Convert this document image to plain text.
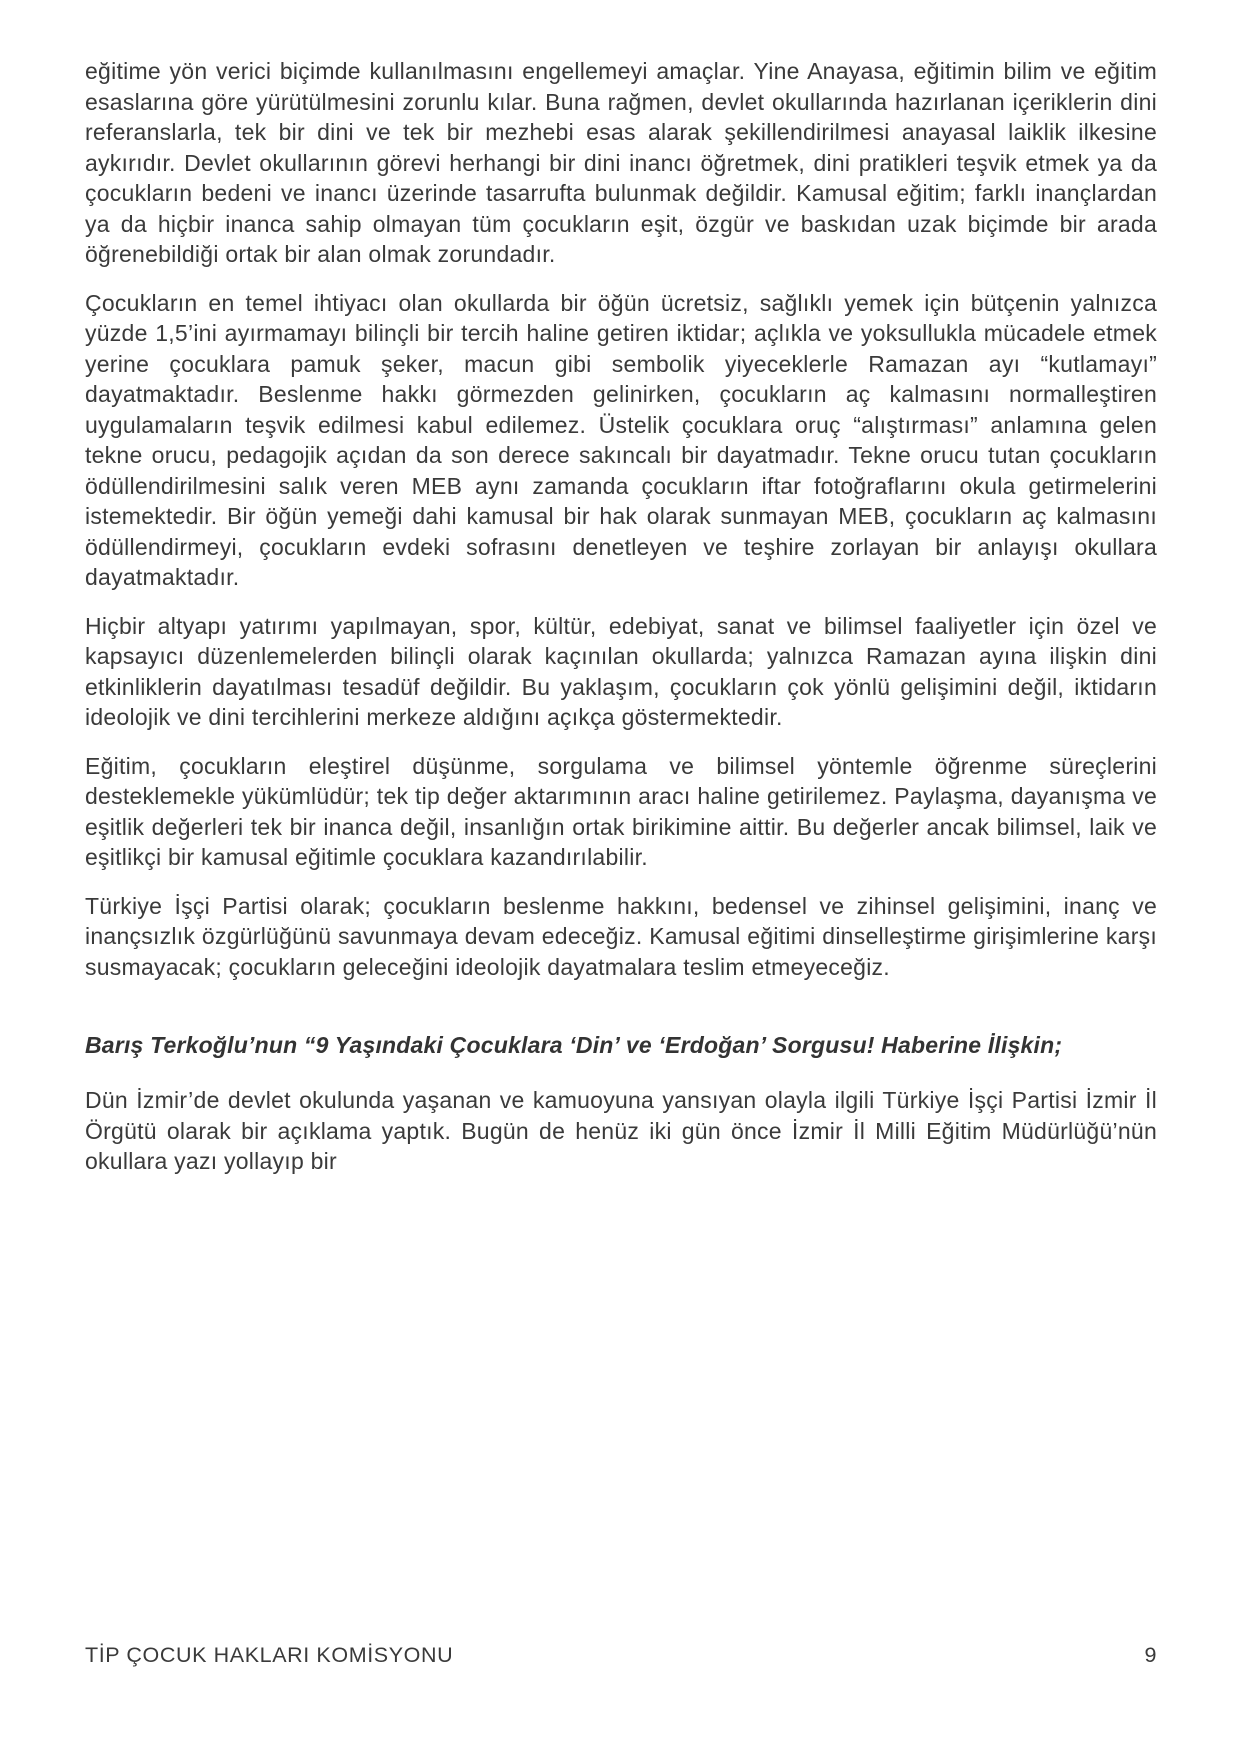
eğitime yön verici biçimde kullanılmasını engellemeyi amaçlar. Yine Anayasa, eğitimin bilim ve eğitim esaslarına göre yürütülmesini zorunlu kılar. Buna rağmen, devlet okullarında hazırlanan içeriklerin dini referanslarla, tek bir dini ve tek bir mezhebi esas alarak şekillendirilmesi anayasal laiklik ilkesine aykırıdır. Devlet okullarının görevi herhangi bir dini inancı öğretmek, dini pratikleri teşvik etmek ya da çocukların bedeni ve inancı üzerinde tasarrufta bulunmak değildir. Kamusal eğitim; farklı inançlardan ya da hiçbir inanca sahip olmayan tüm çocukların eşit, özgür ve baskıdan uzak biçimde bir arada öğrenebildiği ortak bir alan olmak zorundadır.

Çocukların en temel ihtiyacı olan okullarda bir öğün ücretsiz, sağlıklı yemek için bütçenin yalnızca yüzde 1,5’ini ayırmamayı bilinçli bir tercih haline getiren iktidar; açlıkla ve yoksullukla mücadele etmek yerine çocuklara pamuk şeker, macun gibi sembolik yiyeceklerle Ramazan ayı “kutlamayı” dayatmaktadır. Beslenme hakkı görmezden gelinirken, çocukların aç kalmasını normalleştiren uygulamaların teşvik edilmesi kabul edilemez. Üstelik çocuklara oruç “alıştırması” anlamına gelen tekne orucu, pedagojik açıdan da son derece sakıncalı bir dayatmadır. Tekne orucu tutan çocukların ödüllendirilmesini salık veren MEB aynı zamanda çocukların iftar fotoğraflarını okula getirmelerini istemektedir. Bir öğün yemeği dahi kamusal bir hak olarak sunmayan MEB, çocukların aç kalmasını ödüllendirmeyi, çocukların evdeki sofrasını denetleyen ve teşhire zorlayan bir anlayışı okullara dayatmaktadır.

Hiçbir altyapı yatırımı yapılmayan, spor, kültür, edebiyat, sanat ve bilimsel faaliyetler için özel ve kapsayıcı düzenlemelerden bilinçli olarak kaçınılan okullarda; yalnızca Ramazan ayına ilişkin dini etkinliklerin dayatılması tesadüf değildir. Bu yaklaşım, çocukların çok yönlü gelişimini değil, iktidarın ideolojik ve dini tercihlerini merkeze aldığını açıkça göstermektedir.

Eğitim, çocukların eleştirel düşünme, sorgulama ve bilimsel yöntemle öğrenme süreçlerini desteklemekle yükümlüdür; tek tip değer aktarımının aracı haline getirilemez. Paylaşma, dayanışma ve eşitlik değerleri tek bir inanca değil, insanlığın ortak birikimine aittir. Bu değerler ancak bilimsel, laik ve eşitlikçi bir kamusal eğitimle çocuklara kazandırılabilir.

Türkiye İşçi Partisi olarak; çocukların beslenme hakkını, bedensel ve zihinsel gelişimini, inanç ve inançsızlık özgürlüğünü savunmaya devam edeceğiz. Kamusal eğitimi dinselleştirme girişimlerine karşı susmayacak; çocukların geleceğini ideolojik dayatmalara teslim etmeyeceğiz.

Barış Terkoğlu’nun “9 Yaşındaki Çocuklara ‘Din’ ve ‘Erdoğan’ Sorgusu! Haberine İlişkin;

Dün İzmir’de devlet okulunda yaşanan ve kamuoyuna yansıyan olayla ilgili Türkiye İşçi Partisi İzmir İl Örgütü olarak bir açıklama yaptık. Bugün de henüz iki gün önce İzmir İl Milli Eğitim Müdürlüğü’nün okullara yazı yollayıp bir

TİP ÇOCUK HAKLARI KOMİSYONU	9
